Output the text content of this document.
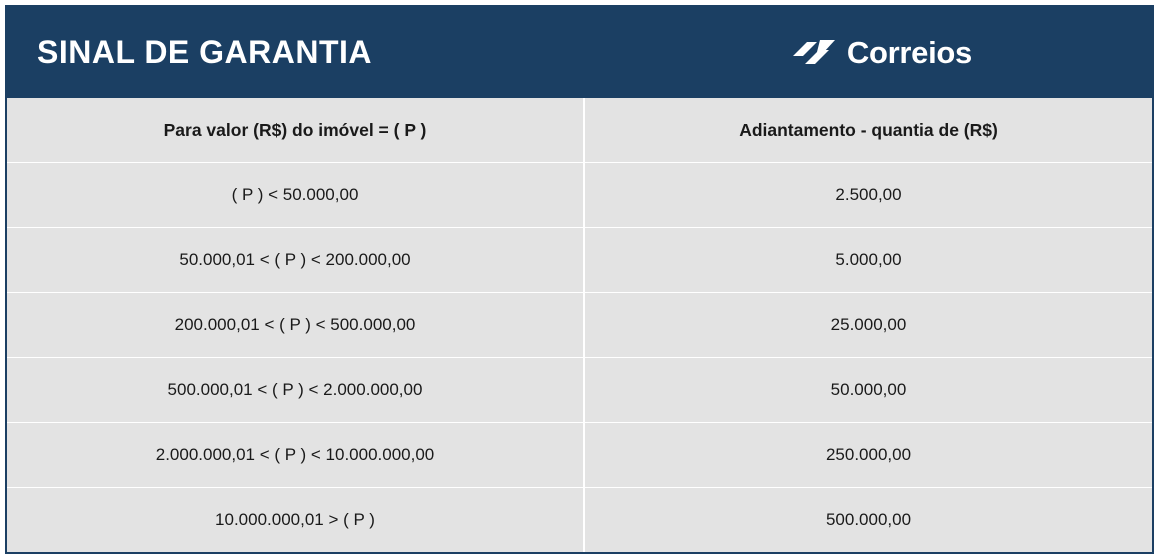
SINAL DE GARANTIA	Correios
Para valor (R$) do imóvel = ( P )	Adiantamento - quantia de (R$)
( P ) < 50.000,00	2.500,00
50.000,01 < ( P ) < 200.000,00	5.000,00
200.000,01 < ( P ) < 500.000,00	25.000,00
500.000,01 < ( P ) < 2.000.000,00	50.000,00
2.000.000,01 < ( P ) < 10.000.000,00	250.000,00
10.000.000,01 > ( P )	500.000,00
